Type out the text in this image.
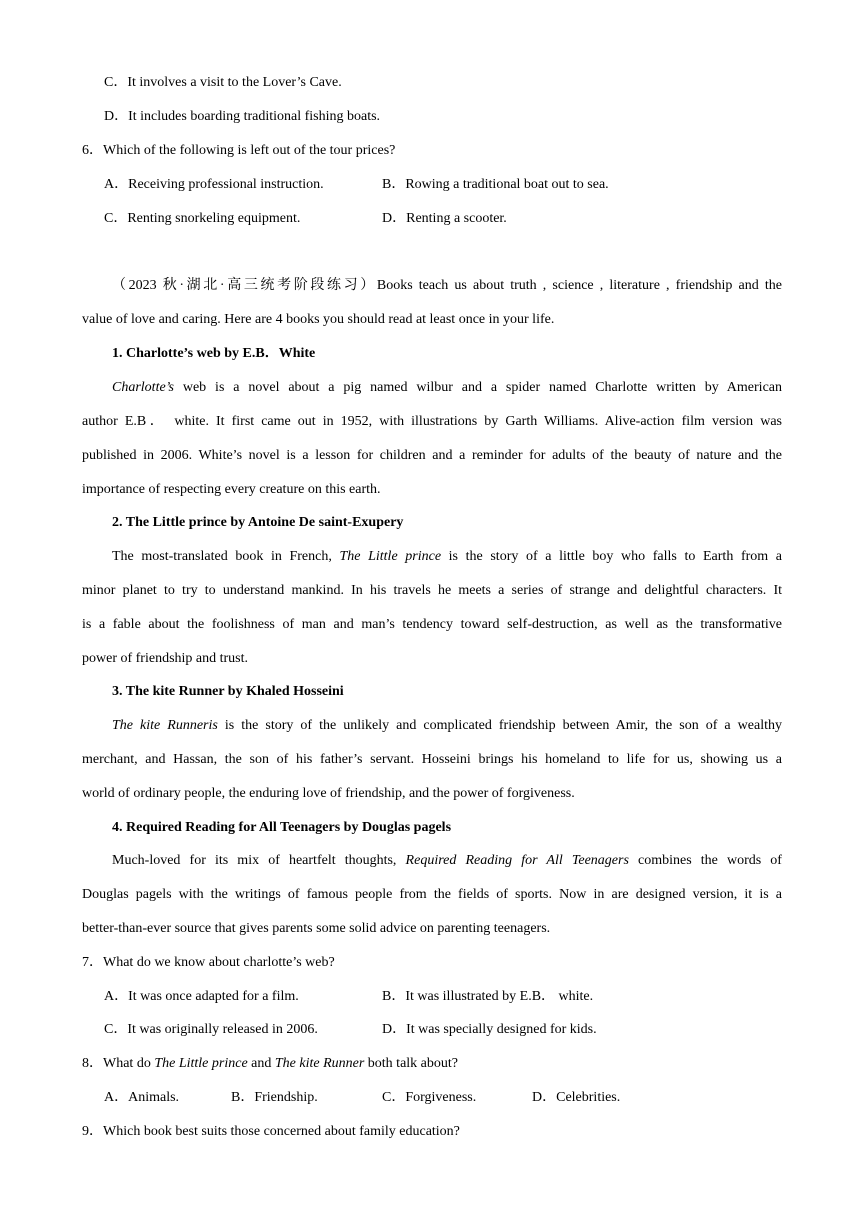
C．It involves a visit to the Lover’s Cave.
D．It includes boarding traditional fishing boats.
6．Which of the following is left out of the tour prices?
A．Receiving professional instruction.	B．Rowing a traditional boat out to sea.
C．Renting snorkeling equipment.	D．Renting a scooter.
（2023 秋·湖北·高三统考阶段练习）Books teach us about truth , science , literature , friendship and the
value of love and caring. Here are 4 books you should read at least once in your life.
1. Charlotte’s web by E.B．White
Charlotte’s web is a novel about a pig named wilbur and a spider named Charlotte written by American
author E.B． white. It first came out in 1952, with illustrations by Garth Williams. Alive-action film version was
published in 2006. White’s novel is a lesson for children and a reminder for adults of the beauty of nature and the
importance of respecting every creature on this earth.
2. The Little prince by Antoine De saint-Exupery
The most-translated book in French, The Little prince is the story of a little boy who falls to Earth from a
minor planet to try to understand mankind. In his travels he meets a series of strange and delightful characters. It
is a fable about the foolishness of man and man’s tendency toward self-destruction, as well as the transformative
power of friendship and trust.
3. The kite Runner by Khaled Hosseini
The kite Runneris is the story of the unlikely and complicated friendship between Amir, the son of a wealthy
merchant, and Hassan, the son of his father’s servant. Hosseini brings his homeland to life for us, showing us a
world of ordinary people, the enduring love of friendship, and the power of forgiveness.
4. Required Reading for All Teenagers by Douglas pagels
Much-loved for its mix of heartfelt thoughts, Required Reading for All Teenagers combines the words of
Douglas pagels with the writings of famous people from the fields of sports. Now in are designed version, it is a
better-than-ever source that gives parents some solid advice on parenting teenagers.
7．What do we know about charlotte’s web?
A．It was once adapted for a film.	B．It was illustrated by E.B． white.
C．It was originally released in 2006.	D．It was specially designed for kids.
8．What do The Little prince and The kite Runner both talk about?
A．Animals.	B．Friendship.	C．Forgiveness.	D．Celebrities.
9．Which book best suits those concerned about family education?
